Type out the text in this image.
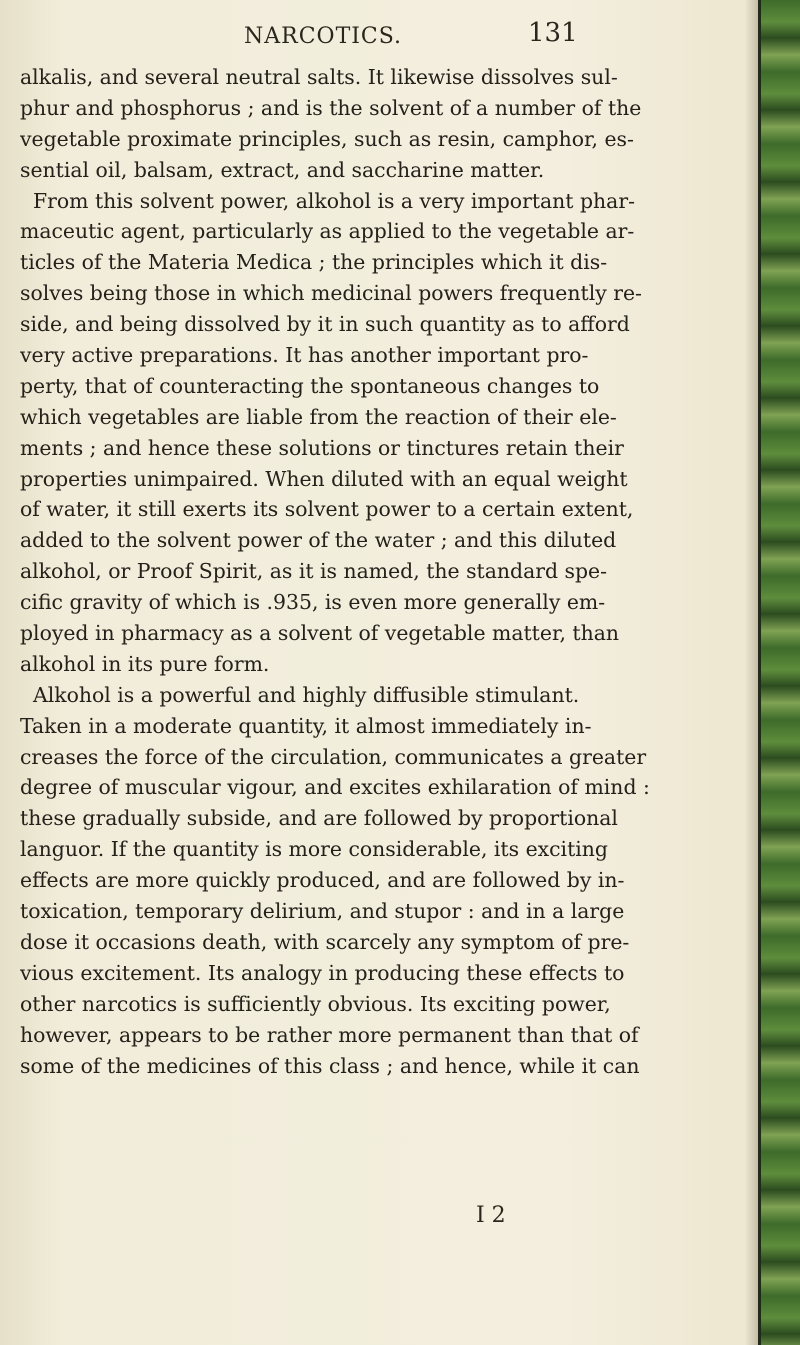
NARCOTICS.	131
alkalis, and several neutral salts. It likewise dissolves sul-
phur and phosphorus ; and is the solvent of a number of the
vegetable proximate principles, such as resin, camphor, es-
sential oil, balsam, extract, and saccharine matter.
From this solvent power, alkohol is a very important phar-
maceutic agent, particularly as applied to the vegetable ar-
ticles of the Materia Medica ; the principles which it dis-
solves being those in which medicinal powers frequently re-
side, and being dissolved by it in such quantity as to afford
very active preparations. It has another important pro-
perty, that of counteracting the spontaneous changes to
which vegetables are liable from the reaction of their ele-
ments ; and hence these solutions or tinctures retain their
properties unimpaired. When diluted with an equal weight
of water, it still exerts its solvent power to a certain extent,
added to the solvent power of the water ; and this diluted
alkohol, or Proof Spirit, as it is named, the standard spe-
cific gravity of which is .935, is even more generally em-
ployed in pharmacy as a solvent of vegetable matter, than
alkohol in its pure form.
Alkohol is a powerful and highly diffusible stimulant.
Taken in a moderate quantity, it almost immediately in-
creases the force of the circulation, communicates a greater
degree of muscular vigour, and excites exhilaration of mind :
these gradually subside, and are followed by proportional
languor. If the quantity is more considerable, its exciting
effects are more quickly produced, and are followed by in-
toxication, temporary delirium, and stupor : and in a large
dose it occasions death, with scarcely any symptom of pre-
vious excitement. Its analogy in producing these effects to
other narcotics is sufficiently obvious. Its exciting power,
however, appears to be rather more permanent than that of
some of the medicines of this class ; and hence, while it can
I 2
